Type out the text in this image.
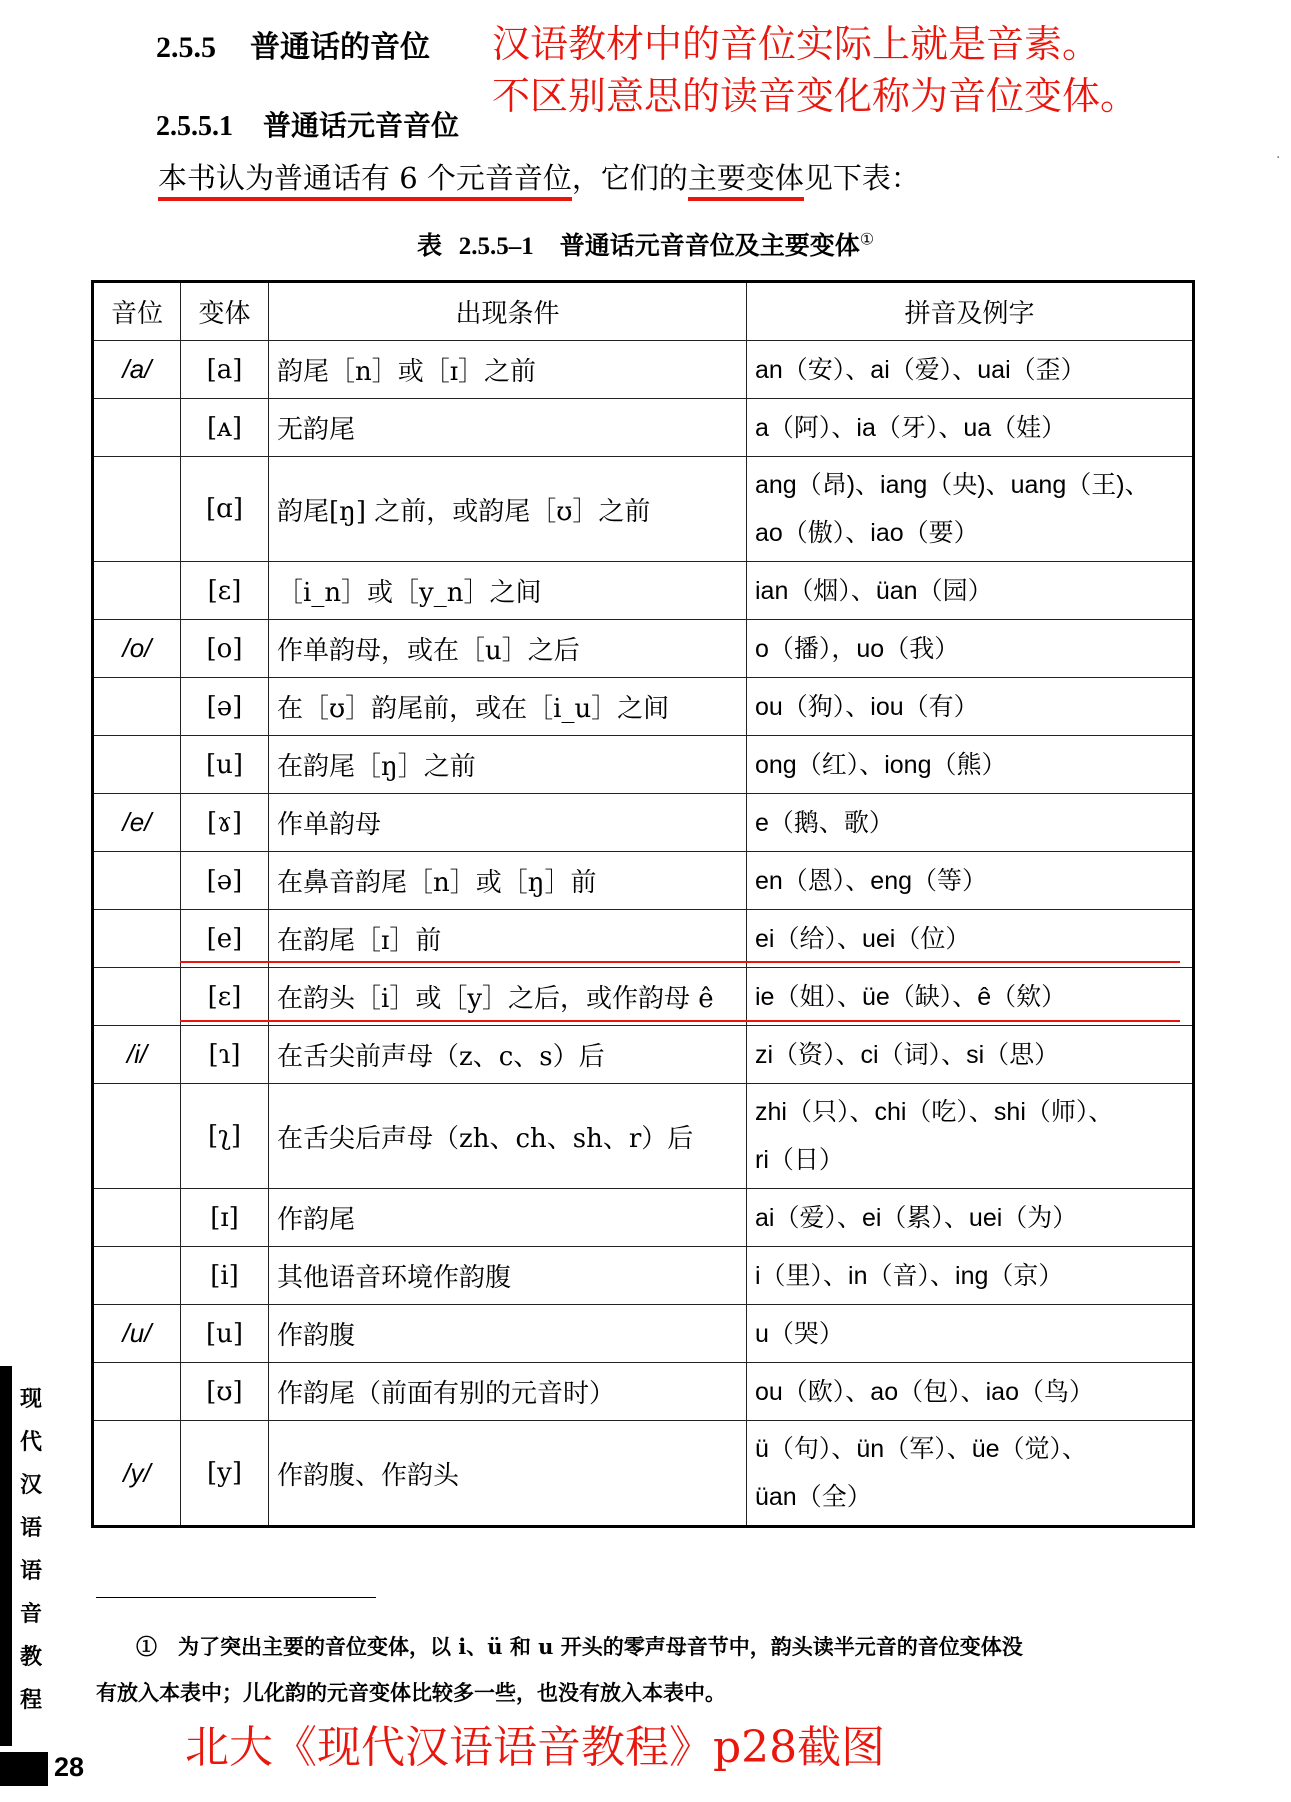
2.5.5 普通话的音位 汉语教材中的音位实际上就是音素。
不区别意思的读音变化称为音位变体。
2.5.5.1 普通话元音音位
本书认为普通话有 6 个元音音位，它们的主要变体见下表：
表 2.5.5–1 普通话元音音位及主要变体①
音位	变体	出现条件	拼音及例字
/a/	[a]	韵尾［n］或［ɪ］之前	an（安）、ai（爱）、uai（歪）

	[ᴀ]	无韵尾	a（阿）、ia（牙）、ua（娃）

	[ɑ]	韵尾[ŋ] 之前，或韵尾［ʊ］之前	ang（昂)、iang（央)、uang（王)、
ao（傲）、iao（要）

	[ɛ]	［i_n］或［y_n］之间	ian（烟）、üan（园）

/o/	[o]	作单韵母，或在［u］之后	o（播），uo（我）

	[ə]	在［ʊ］韵尾前，或在［i_u］之间	ou（狗）、iou（有）

	[u]	在韵尾［ŋ］之前	ong（红）、iong（熊）

/e/	[ɤ]	作单韵母	e（鹅、歌）

	[ə]	在鼻音韵尾［n］或［ŋ］前	en（恩）、eng（等）

	[e]	在韵尾［ɪ］前	ei（给）、uei（位）

	[ɛ]	在韵头［i］或［y］之后，或作韵母 ê	ie（姐）、üe（缺）、ê（欸）

/i/	[ɿ]	在舌尖前声母（z、c、s）后	zi（资）、ci（词）、si（思）

	[ʅ]	在舌尖后声母（zh、ch、sh、r）后	zhi（只）、chi（吃）、shi（师）、
ri（日）

	[ɪ]	作韵尾	ai（爱）、ei（累）、uei（为）

	[i]	其他语音环境作韵腹	i（里）、in（音）、ing（京）

/u/	[u]	作韵腹	u（哭）

	[ʊ]	作韵尾（前面有别的元音时）	ou（欧）、ao（包）、iao（鸟）

/y/	[y]	作韵腹、作韵头	ü（句）、ün（军）、üe（觉）、
üan（全）
·
①　为了突出主要的音位变体，以 i、ü 和 u 开头的零声母音节中，韵头读半元音的音位变体没
有放入本表中；儿化韵的元音变体比较多一些，也没有放入本表中。
现
代
汉
语
语
音
教
程
28 北大《现代汉语语音教程》p28截图
